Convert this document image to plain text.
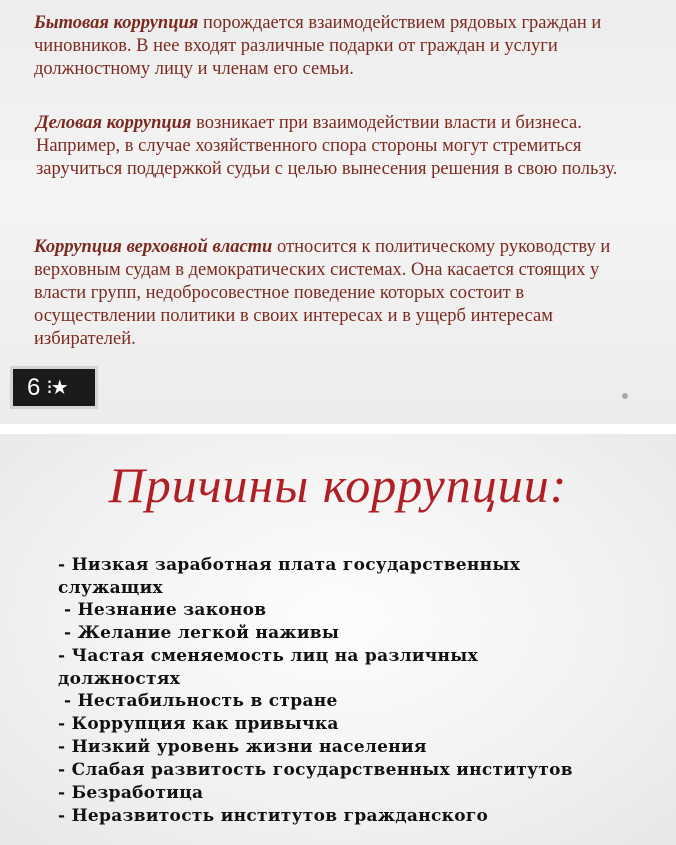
Бытовая коррупция порождается взаимодействием рядовых граждан и чиновников. В нее входят различные подарки от граждан и услуги должностному лицу и членам его семьи.

Деловая коррупция возникает при взаимодействии власти и бизнеса. Например, в случае хозяйственного спора стороны могут стремиться заручиться поддержкой судьи с целью вынесения решения в свою пользу.

Коррупция верховной власти относится к политическому руководству и верховным судам в демократических системах. Она касается стоящих у власти групп, недобросовестное поведение которых состоит в осуществлении политики в своих интересах и в ущерб интересам избирателей.

6 ⁝★
Причины коррупции:
- Низкая заработная плата государственных служащих
- Незнание законов
- Желание легкой наживы
- Частая сменяемость лиц на различных должностях
- Нестабильность в стране
- Коррупция как привычка
- Низкий уровень жизни населения
- Слабая развитость государственных институтов
- Безработица
- Неразвитость институтов гражданского
